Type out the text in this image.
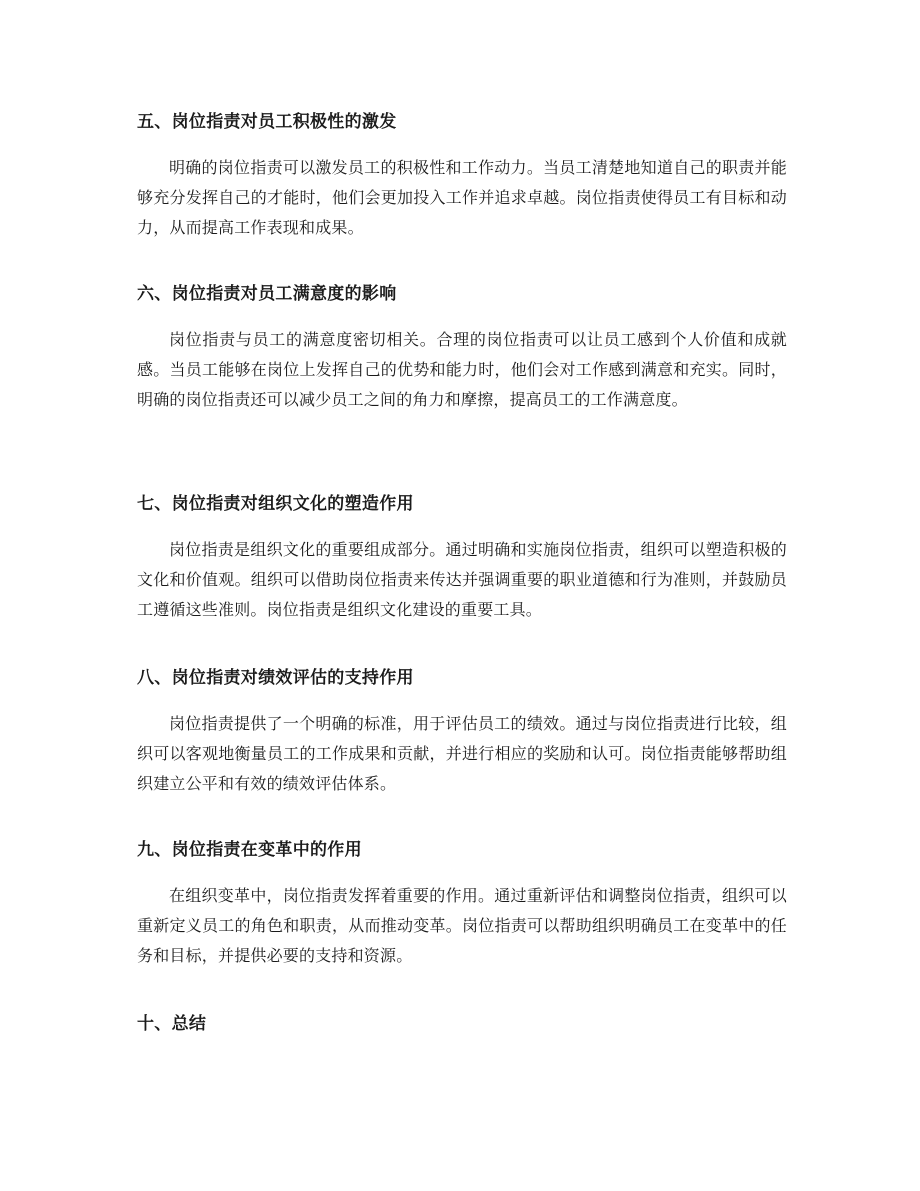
五、岗位指责对员工积极性的激发

明确的岗位指责可以激发员工的积极性和工作动力。当员工清楚地知道自己的职责并能够充分发挥自己的才能时，他们会更加投入工作并追求卓越。岗位指责使得员工有目标和动力，从而提高工作表现和成果。

六、岗位指责对员工满意度的影响

岗位指责与员工的满意度密切相关。合理的岗位指责可以让员工感到个人价值和成就感。当员工能够在岗位上发挥自己的优势和能力时，他们会对工作感到满意和充实。同时，明确的岗位指责还可以减少员工之间的角力和摩擦，提高员工的工作满意度。

七、岗位指责对组织文化的塑造作用

岗位指责是组织文化的重要组成部分。通过明确和实施岗位指责，组织可以塑造积极的文化和价值观。组织可以借助岗位指责来传达并强调重要的职业道德和行为准则，并鼓励员工遵循这些准则。岗位指责是组织文化建设的重要工具。

八、岗位指责对绩效评估的支持作用

岗位指责提供了一个明确的标准，用于评估员工的绩效。通过与岗位指责进行比较，组织可以客观地衡量员工的工作成果和贡献，并进行相应的奖励和认可。岗位指责能够帮助组织建立公平和有效的绩效评估体系。

九、岗位指责在变革中的作用

在组织变革中，岗位指责发挥着重要的作用。通过重新评估和调整岗位指责，组织可以重新定义员工的角色和职责，从而推动变革。岗位指责可以帮助组织明确员工在变革中的任务和目标，并提供必要的支持和资源。

十、总结
